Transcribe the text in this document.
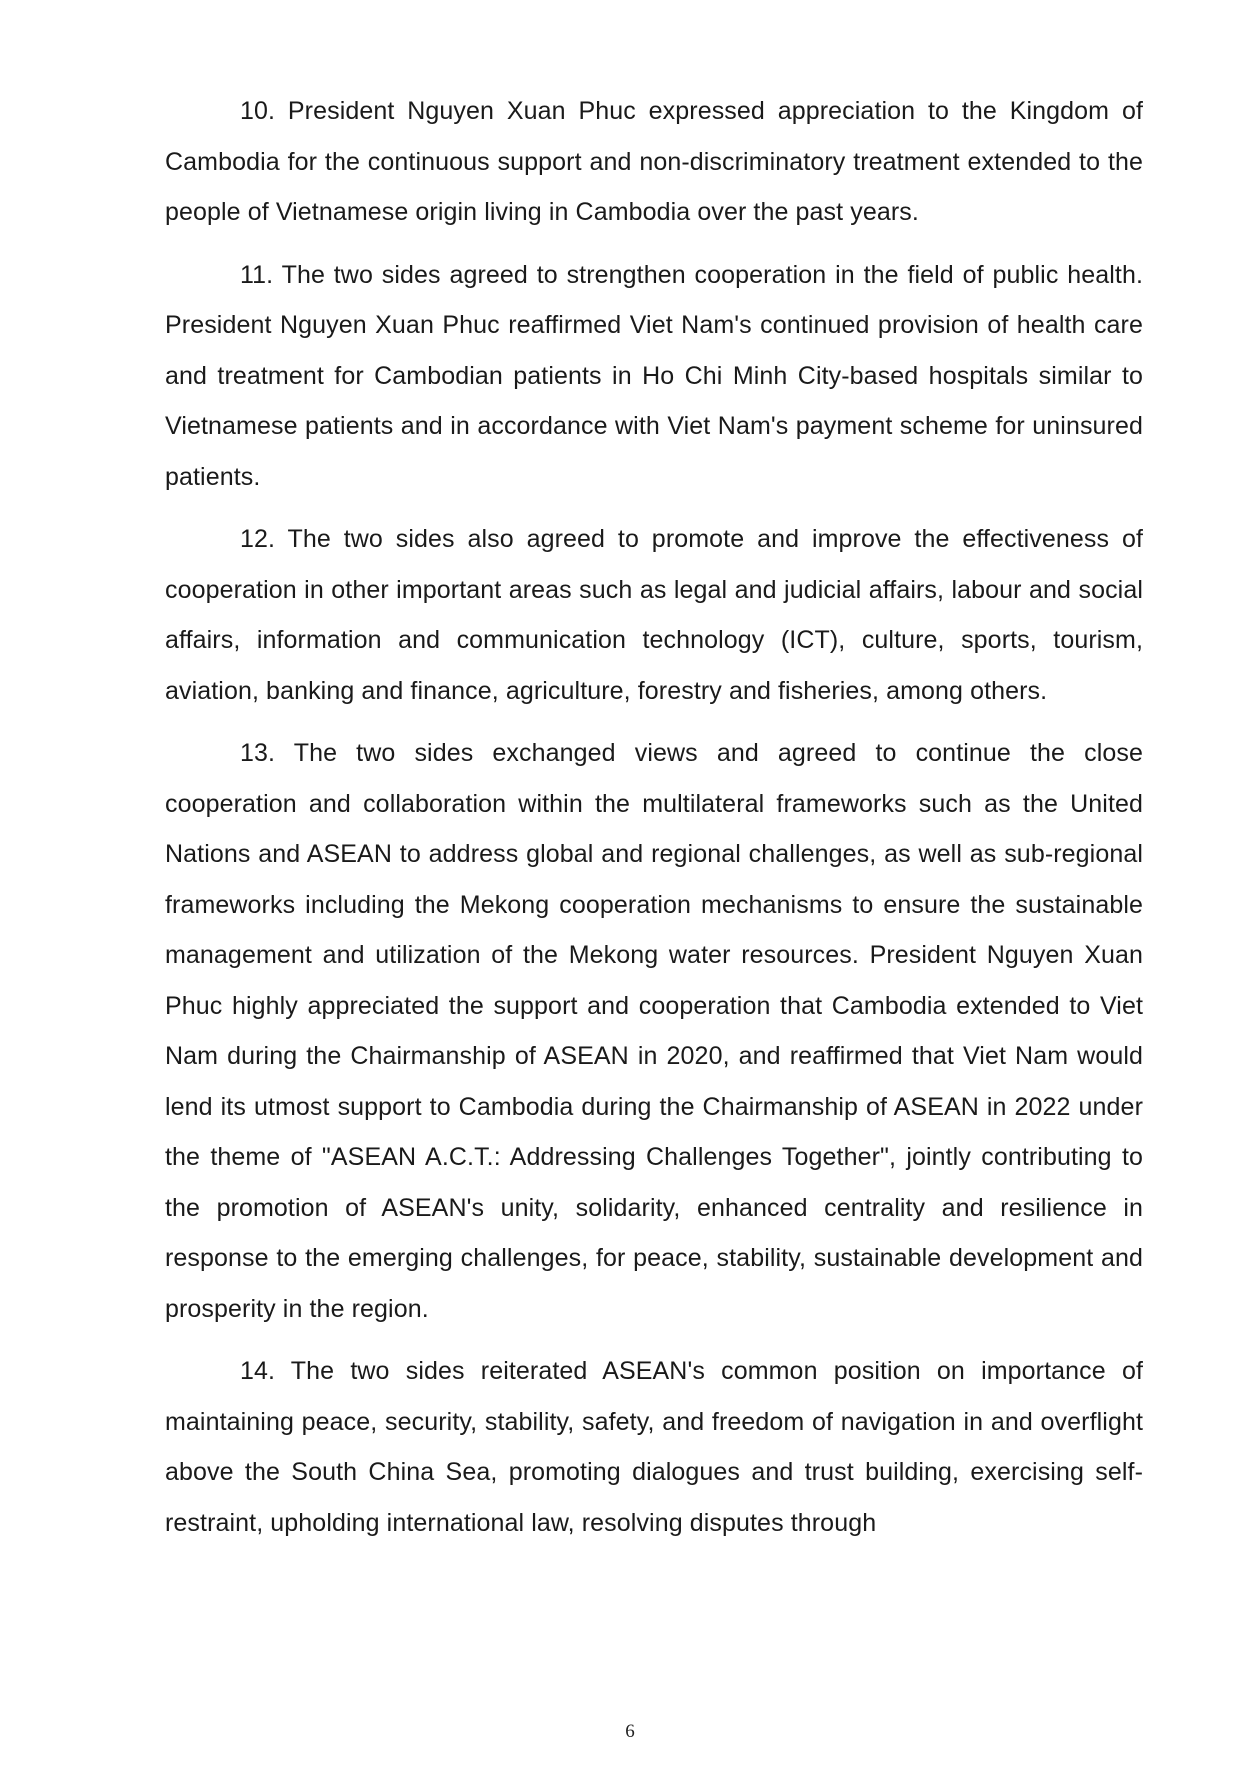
10. President Nguyen Xuan Phuc expressed appreciation to the Kingdom of Cambodia for the continuous support and non-discriminatory treatment extended to the people of Vietnamese origin living in Cambodia over the past years.

11. The two sides agreed to strengthen cooperation in the field of public health. President Nguyen Xuan Phuc reaffirmed Viet Nam's continued provision of health care and treatment for Cambodian patients in Ho Chi Minh City-based hospitals similar to Vietnamese patients and in accordance with Viet Nam's payment scheme for uninsured patients.

12. The two sides also agreed to promote and improve the effectiveness of cooperation in other important areas such as legal and judicial affairs, labour and social affairs, information and communication technology (ICT), culture, sports, tourism, aviation, banking and finance, agriculture, forestry and fisheries, among others.

13. The two sides exchanged views and agreed to continue the close cooperation and collaboration within the multilateral frameworks such as the United Nations and ASEAN to address global and regional challenges, as well as sub-regional frameworks including the Mekong cooperation mechanisms to ensure the sustainable management and utilization of the Mekong water resources. President Nguyen Xuan Phuc highly appreciated the support and cooperation that Cambodia extended to Viet Nam during the Chairmanship of ASEAN in 2020, and reaffirmed that Viet Nam would lend its utmost support to Cambodia during the Chairmanship of ASEAN in 2022 under the theme of "ASEAN A.C.T.: Addressing Challenges Together", jointly contributing to the promotion of ASEAN's unity, solidarity, enhanced centrality and resilience in response to the emerging challenges, for peace, stability, sustainable development and prosperity in the region.

14. The two sides reiterated ASEAN's common position on importance of maintaining peace, security, stability, safety, and freedom of navigation in and overflight above the South China Sea, promoting dialogues and trust building, exercising self-restraint, upholding international law, resolving disputes through

6
